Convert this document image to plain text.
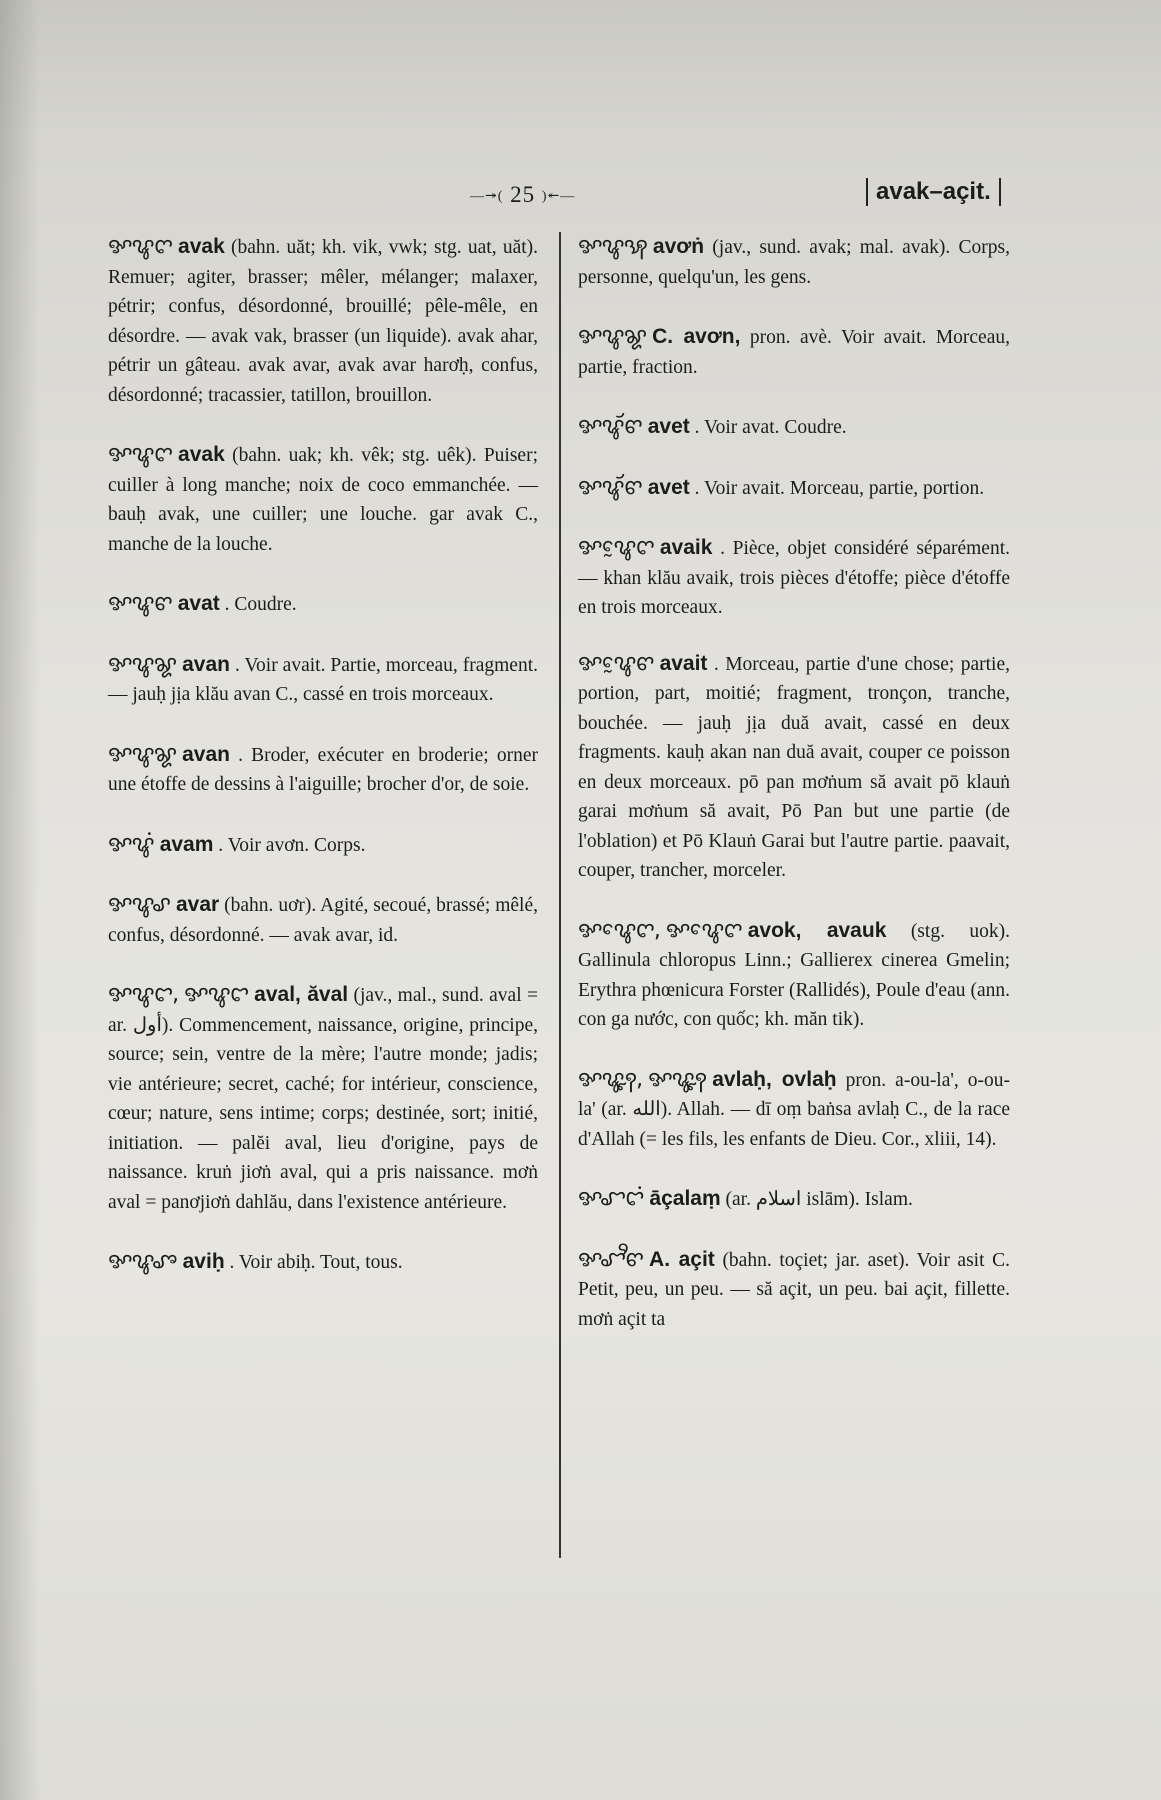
—↠( 25 )↞—	avak–açit.
ꨀꨥꨈ avak (bahn. uăt; kh. vik, vwk; stg. uat, uăt). Remuer; agiter, brasser; mêler, mélanger; malaxer, pétrir; confus, désordonné, brouillé; pêle-mêle, en désordre. — avak vak, brasser (un liquide). avak ahar, pétrir un gâteau. avak avar, avak avar harơḥ, confus, désordonné; tracassier, tatillon, brouillon.
ꨀꨥꨈ avak (bahn. uak; kh. vêk; stg. uêk). Puiser; cuiller à long manche; noix de coco emmanchée. — bauḥ avak, une cuiller; une louche. gar avak C., manche de la louche.
ꨀꨥꨓ avat . Coudre.
ꨀꨥꨘ avan . Voir avait. Partie, morceau, fragment. — jauḥ jịa klău avan C., cassé en trois morceaux.
ꨀꨥꨘ avan . Broder, exécuter en broderie; orner une étoffe de dessins à l'aiguille; brocher d'or, de soie.
ꨀꨥꩌ avam . Voir avơn. Corps.
ꨀꨥꨣ avar (bahn. uơr). Agité, secoué, brassé; mêlé, confus, désordonné. — avak avar, id.
ꨀꨥꨤ, ꨀꨥꨤ aval, ăval (jav., mal., sund. aval = ar. أول). Commencement, naissance, origine, principe, source; sein, ventre de la mère; l'autre monde; jadis; vie antérieure; secret, caché; for intérieur, conscience, cœur; nature, sens intime; corps; destinée, sort; initié, initiation. — palĕi aval, lieu d'origine, pays de naissance. kruṅ jiơṅ aval, qui a pris naissance. mơṅ aval = panơjiơṅ dahlău, dans l'existence antérieure.
ꨀꨥꨨ aviḥ . Voir abiḥ. Tout, tous.
ꨀꨥꩂ avơṅ (jav., sund. avak; mal. avak). Corps, personne, quelqu'un, les gens.
ꨀꨥꨘ C. avơn, pron. avè. Voir avait. Morceau, partie, fraction.
ꨀꨥꨮꨓ avet . Voir avat. Coudre.
ꨀꨥꨮꨓ avet . Voir avait. Morceau, partie, portion.
ꨀꨥꨰꨈ avaik . Pièce, objet considéré séparément. — khan klău avaik, trois pièces d'étoffe; pièce d'étoffe en trois morceaux.
ꨀꨥꨰꨓ avait . Morceau, partie d'une chose; partie, portion, part, moitié; fragment, tronçon, tranche, bouchée. — jauḥ jịa duă avait, cassé en deux fragments. kauḥ akan nan duă avait, couper ce poisson en deux morceaux. pō pan mơṅum să avait pō klauṅ garai mơṅum să avait, Pō Pan but une partie (de l'oblation) et Pō Klauṅ Garai but l'autre partie. paavait, couper, trancher, morceler.
ꨀꨥꨯꨈ, ꨀꨥꨯꨈ avok, avauk (stg. uok). Gallinula chloropus Linn.; Gallierex cinerea Gmelin; Erythra phœnicura Forster (Rallidés), Poule d'eau (ann. con ga nước, con quốc; kh. măn tik).
ꨀꨥꨵꩍ, ꨀꨥꨵꩍ avlaḥ, ovlaḥ pron. a-ou-la', o-ou-la' (ar. الله). Allah. — dī oṃ baṅsa avlaḥ C., de la race d'Allah (= les fils, les enfants de Dieu. Cor., xliii, 14).
ꨀꨧꨤꩌ āçalaṃ (ar. اسلام islām). Islam.
ꨀꨧꨪꨓ A. açit (bahn. toçiet; jar. aset). Voir asit C. Petit, peu, un peu. — să açit, un peu. bai açit, fillette. mơṅ açit ta
